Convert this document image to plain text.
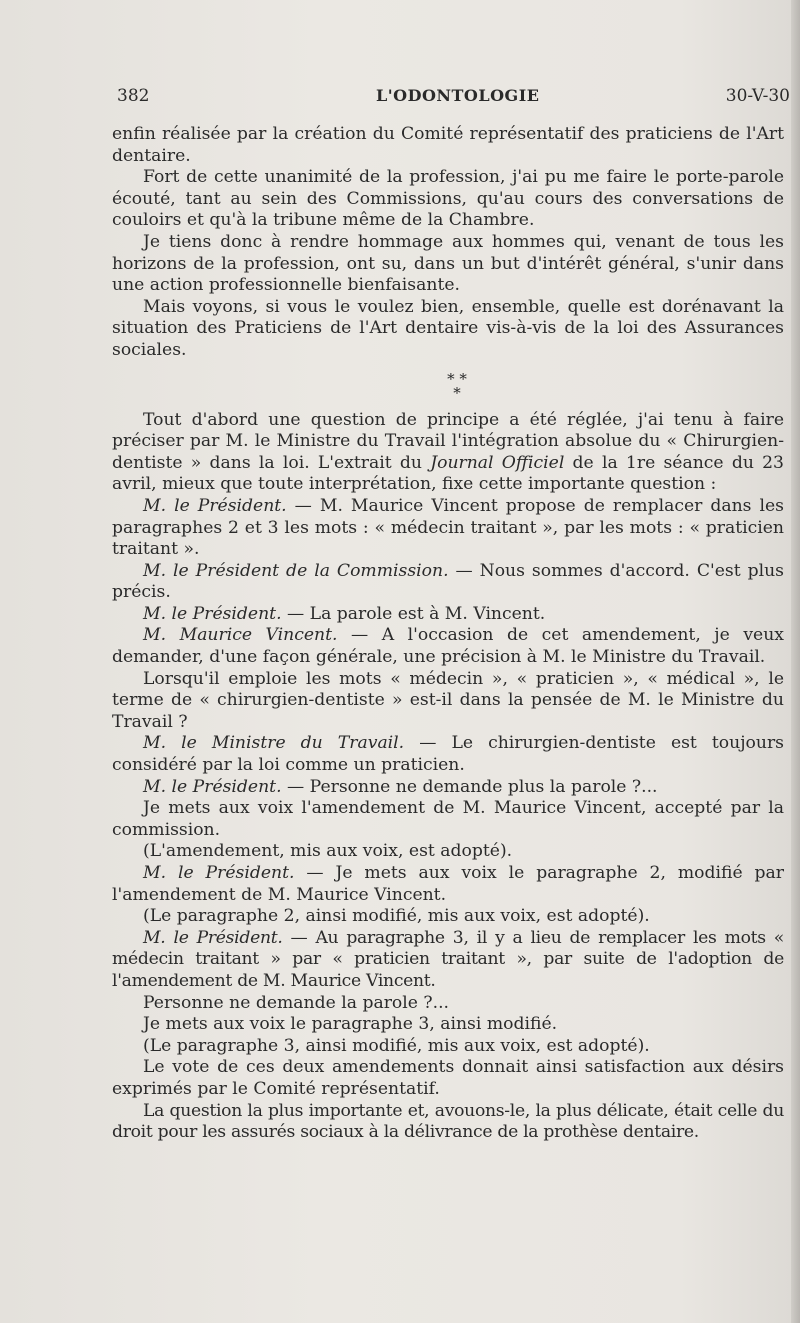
382	L'ODONTOLOGIE	30-V-30

enfin réalisée par la création du Comité représentatif des praticiens de l'Art dentaire.

Fort de cette unanimité de la profession, j'ai pu me faire le porte-parole écouté, tant au sein des Commissions, qu'au cours des conversations de couloirs et qu'à la tribune même de la Chambre.

Je tiens donc à rendre hommage aux hommes qui, venant de tous les horizons de la profession, ont su, dans un but d'intérêt général, s'unir dans une action professionnelle bienfaisante.

Mais voyons, si vous le voulez bien, ensemble, quelle est dorénavant la situation des Praticiens de l'Art dentaire vis-à-vis de la loi des Assurances sociales.

* * *

Tout d'abord une question de principe a été réglée, j'ai tenu à faire préciser par M. le Ministre du Travail l'intégration absolue du « Chirurgien-dentiste » dans la loi. L'extrait du Journal Officiel de la 1re séance du 23 avril, mieux que toute interprétation, fixe cette importante question :

M. le Président. — M. Maurice Vincent propose de remplacer dans les paragraphes 2 et 3 les mots : « médecin traitant », par les mots : « praticien traitant ».

M. le Président de la Commission. — Nous sommes d'accord. C'est plus précis.

M. le Président. — La parole est à M. Vincent.

M. Maurice Vincent. — A l'occasion de cet amendement, je veux demander, d'une façon générale, une précision à M. le Ministre du Travail.

Lorsqu'il emploie les mots « médecin », « praticien », « médical », le terme de « chirurgien-dentiste » est-il dans la pensée de M. le Ministre du Travail ?

M. le Ministre du Travail. — Le chirurgien-dentiste est toujours considéré par la loi comme un praticien.

M. le Président. — Personne ne demande plus la parole ?...

Je mets aux voix l'amendement de M. Maurice Vincent, accepté par la commission.

(L'amendement, mis aux voix, est adopté).

M. le Président. — Je mets aux voix le paragraphe 2, modifié par l'amendement de M. Maurice Vincent.

(Le paragraphe 2, ainsi modifié, mis aux voix, est adopté).

M. le Président. — Au paragraphe 3, il y a lieu de remplacer les mots « médecin traitant » par « praticien traitant », par suite de l'adoption de l'amendement de M. Maurice Vincent.

Personne ne demande la parole ?...

Je mets aux voix le paragraphe 3, ainsi modifié.

(Le paragraphe 3, ainsi modifié, mis aux voix, est adopté).

Le vote de ces deux amendements donnait ainsi satisfaction aux désirs exprimés par le Comité représentatif.

La question la plus importante et, avouons-le, la plus délicate, était celle du droit pour les assurés sociaux à la délivrance de la prothèse dentaire.
